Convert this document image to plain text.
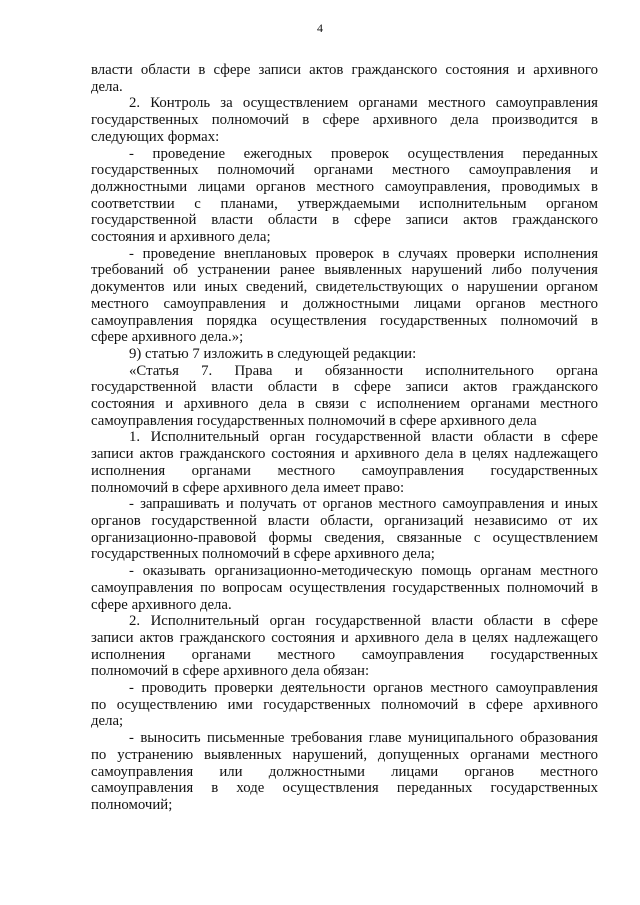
4
власти области в сфере записи актов гражданского состояния и архивного
дела.
2. Контроль за осуществлением органами местного самоуправления
государственных полномочий в сфере архивного дела производится в
следующих формах:
- проведение ежегодных проверок осуществления переданных
государственных полномочий органами местного самоуправления и
должностными лицами органов местного самоуправления, проводимых в
соответствии с планами, утверждаемыми исполнительным органом
государственной власти области в сфере записи актов гражданского
состояния и архивного дела;
- проведение внеплановых проверок в случаях проверки исполнения
требований об устранении ранее выявленных нарушений либо получения
документов или иных сведений, свидетельствующих о нарушении органом
местного самоуправления и должностными лицами органов местного
самоуправления порядка осуществления государственных полномочий в
сфере архивного дела.»;
9) статью 7 изложить в следующей редакции:
«Статья 7. Права и обязанности исполнительного органа
государственной власти области в сфере записи актов гражданского
состояния и архивного дела в связи с исполнением органами местного
самоуправления государственных полномочий в сфере архивного дела
1. Исполнительный орган государственной власти области в сфере
записи актов гражданского состояния и архивного дела в целях надлежащего
исполнения органами местного самоуправления государственных
полномочий в сфере архивного дела имеет право:
- запрашивать и получать от органов местного самоуправления и иных
органов государственной власти области, организаций независимо от их
организационно-правовой формы сведения, связанные с осуществлением
государственных полномочий в сфере архивного дела;
- оказывать организационно-методическую помощь органам местного
самоуправления по вопросам осуществления государственных полномочий в
сфере архивного дела.
2. Исполнительный орган государственной власти области в сфере
записи актов гражданского состояния и архивного дела в целях надлежащего
исполнения органами местного самоуправления государственных
полномочий в сфере архивного дела обязан:
- проводить проверки деятельности органов местного самоуправления
по осуществлению ими государственных полномочий в сфере архивного
дела;
- выносить письменные требования главе муниципального образования
по устранению выявленных нарушений, допущенных органами местного
самоуправления или должностными лицами органов местного
самоуправления в ходе осуществления переданных государственных
полномочий;
